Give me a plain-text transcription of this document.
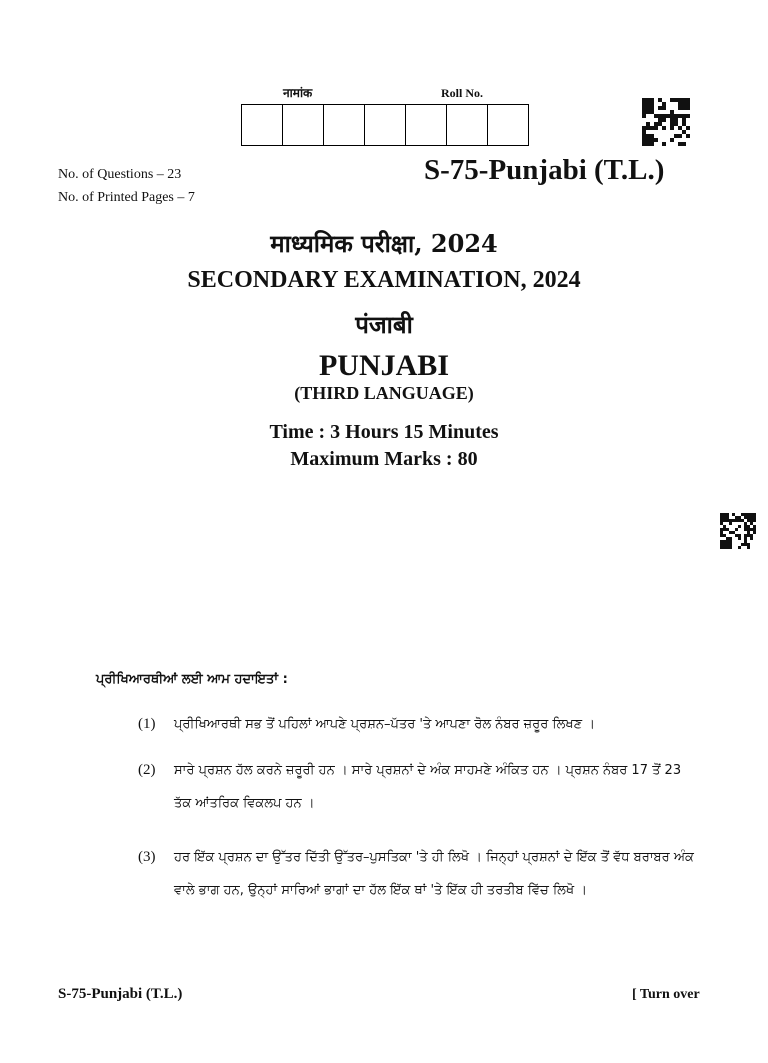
नामांक	Roll No.
No. of Questions – 23
No. of Printed Pages – 7
S-75-Punjabi (T.L.)
माध्यमिक परीक्षा, 2024
SECONDARY EXAMINATION, 2024
पंजाबी
PUNJABI
(THIRD LANGUAGE)
Time : 3 Hours 15 Minutes
Maximum Marks : 80
ਪ੍ਰੀਖਿਆਰਥੀਆਂ ਲਈ ਆਮ ਹਦਾਇਤਾਂ :
(1) ਪ੍ਰੀਖਿਆਰਥੀ ਸਭ ਤੋਂ ਪਹਿਲਾਂ ਆਪਣੇ ਪ੍ਰਸ਼ਨ–ਪੱਤਰ 'ਤੇ ਆਪਣਾ ਰੋਲ ਨੰਬਰ ਜ਼ਰੂਰ ਲਿਖਣ ।
(2) ਸਾਰੇ ਪ੍ਰਸ਼ਨ ਹੱਲ ਕਰਨੇ ਜ਼ਰੂਰੀ ਹਨ । ਸਾਰੇ ਪ੍ਰਸ਼ਨਾਂ ਦੇ ਅੰਕ ਸਾਹਮਣੇ ਅੰਕਿਤ ਹਨ । ਪ੍ਰਸ਼ਨ ਨੰਬਰ 17 ਤੋਂ 23 ਤੱਕ ਆਂਤਰਿਕ ਵਿਕਲਪ ਹਨ ।
(3) ਹਰ ਇੱਕ ਪ੍ਰਸ਼ਨ ਦਾ ਉੱਤਰ ਦਿੱਤੀ ਉੱਤਰ–ਪੁਸਤਿਕਾ 'ਤੇ ਹੀ ਲਿਖੋ । ਜਿਨ੍ਹਾਂ ਪ੍ਰਸ਼ਨਾਂ ਦੇ ਇੱਕ ਤੋਂ ਵੱਧ ਬਰਾਬਰ ਅੰਕ ਵਾਲੇ ਭਾਗ ਹਨ, ਉਨ੍ਹਾਂ ਸਾਰਿਆਂ ਭਾਗਾਂ ਦਾ ਹੱਲ ਇੱਕ ਥਾਂ 'ਤੇ ਇੱਕ ਹੀ ਤਰਤੀਬ ਵਿੱਚ ਲਿਖੋ ।
S-75-Punjabi (T.L.)	[ Turn over
